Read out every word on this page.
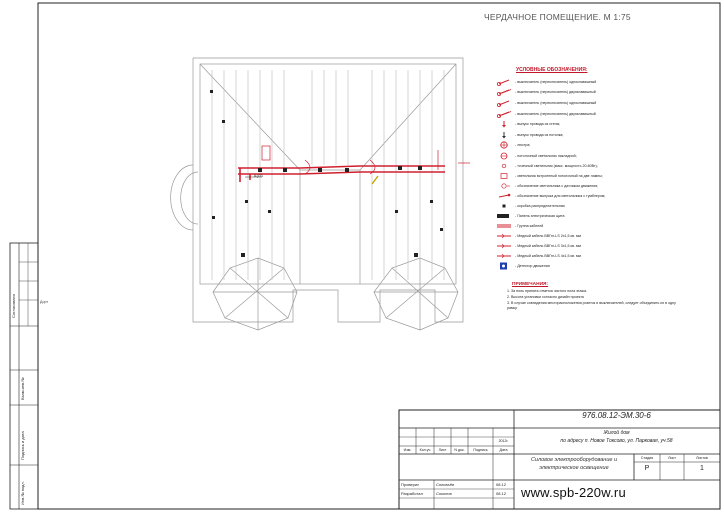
ЧЕРДАЧНОЕ ПОМЕЩЕНИЕ. М 1:75
ЩО1
УСЛОВНЫЕ ОБОЗНАЧЕНИЯ:
- выключатель (переключатель) одноклавишный
- выключатель (переключатель) двухклавишный
- выключатель (переключатель) одноклавишный
- выключатель (переключатель) двухклавишный
- выпуск провода из стены;
- выпуск провода из потолка;
- люстра;
- потолочный светильник накладной;
- точечный светильник (макс. мощность 20-60Вт);
- светильник встроенный потолочный на две лампы;
- обозначение светильника с датчиком движения;
- обозначение выпуска для светильника с тумблером;
- коробка распределительная
- Панель электрическая щита
- Группа кабелей
- Медный кабель ВВГнг-LS 2х1,5 кв. мм
- Медный кабель ВВГнг-LS 3х1,5 кв. мм
- Медный кабель ВВГнг-LS 4х1,5 кв. мм
- Детектор движения
ПРИМЕЧАНИЯ:
1. За ноль принята отметка чистого пола этажа.
2. Высота установки согласно дизайн проекта
3. В случае совпадения месторасположения розеток и выключателей, следует объединить их в одну рамку.
976.08.12-ЭМ.30-6
Жилой дом
по адресу п. Новое Токсово, ул. Парковая, уч.58
Силовое электрооборудование и
электрическое освещение
Изм.	Кол.уч	Лист	N док.	Подпись	Дата
2012г.
Стадия	Лист	Листов
Р	1
Проверил	Соловьёв	08.12
Разработал	Соколов	08.12 www.spb-220w.ru
Согласовано
Взам.инв.№
Подпись и дата
Инв.№ подл.
Дорт
